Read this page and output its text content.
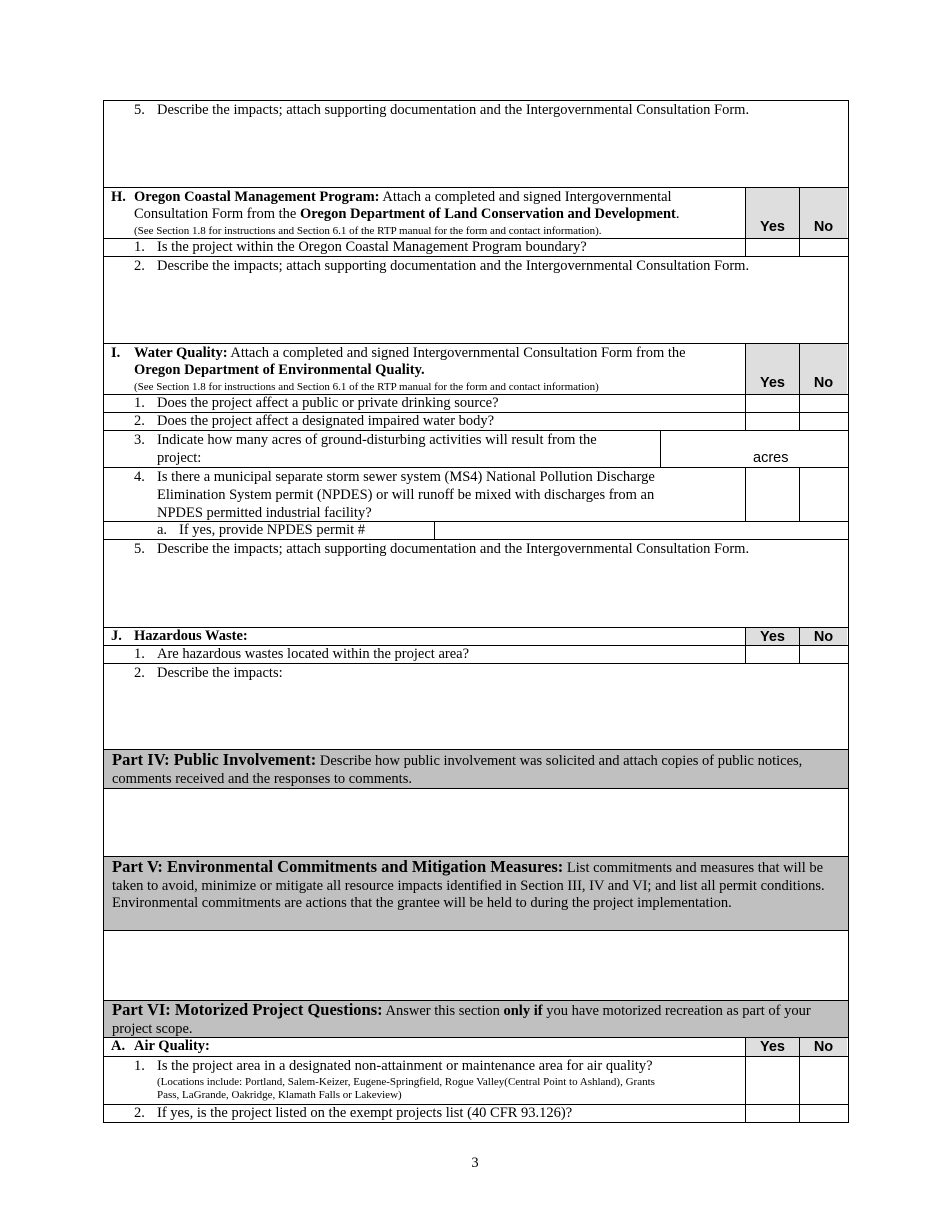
5. Describe the impacts; attach supporting documentation and the Intergovernmental Consultation Form.
H. Oregon Coastal Management Program: Attach a completed and signed Intergovernmental
Consultation Form from the Oregon Department of Land Conservation and Development.
(See Section 1.8 for instructions and Section 6.1 of the RTP manual for the form and contact information).	Yes	No
1. Is the project within the Oregon Coastal Management Program boundary?
2. Describe the impacts; attach supporting documentation and the Intergovernmental Consultation Form.
I. Water Quality: Attach a completed and signed Intergovernmental Consultation Form from the
Oregon Department of Environmental Quality.
(See Section 1.8 for instructions and Section 6.1 of the RTP manual for the form and contact information)	Yes	No
1. Does the project affect a public or private drinking source?
2. Does the project affect a designated impaired water body?
3. Indicate how many acres of ground-disturbing activities will result from the
project:	acres
4. Is there a municipal separate storm sewer system (MS4) National Pollution Discharge
Elimination System permit (NPDES) or will runoff be mixed with discharges from an
NPDES permitted industrial facility?
a. If yes, provide NPDES permit #
5. Describe the impacts; attach supporting documentation and the Intergovernmental Consultation Form.
J. Hazardous Waste:	Yes	No
1. Are hazardous wastes located within the project area?
2. Describe the impacts:
Part IV: Public Involvement: Describe how public involvement was solicited and attach copies of public notices, comments received and the responses to comments.
Part V: Environmental Commitments and Mitigation Measures: List commitments and measures that will be taken to avoid, minimize or mitigate all resource impacts identified in Section III, IV and VI; and list all permit conditions. Environmental commitments are actions that the grantee will be held to during the project implementation.
Part VI: Motorized Project Questions: Answer this section only if you have motorized recreation as part of your project scope.
A. Air Quality:	Yes	No
1. Is the project area in a designated non-attainment or maintenance area for air quality?
(Locations include: Portland, Salem-Keizer, Eugene-Springfield, Rogue Valley(Central Point to Ashland), Grants
Pass, LaGrande, Oakridge, Klamath Falls or Lakeview)
2. If yes, is the project listed on the exempt projects list (40 CFR 93.126)?
3
